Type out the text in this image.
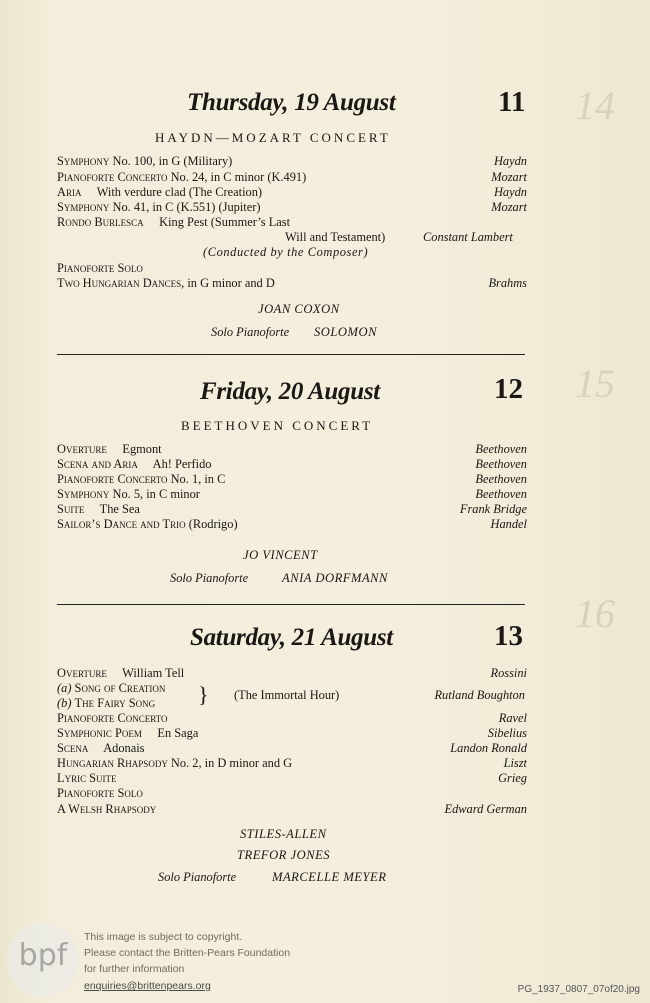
14
15
16
Thursday, 19 August	11
HAYDN—MOZART CONCERT
Symphony No. 100, in G (Military)	Haydn
Pianoforte Concerto No. 24, in C minor (K.491)	Mozart
Aria     With verdure clad (The Creation)	Haydn
Symphony No. 41, in C (K.551) (Jupiter)	Mozart
Rondo Burlesca     King Pest (Summer’s Last
Will and Testament)	Constant Lambert
(Conducted by the Composer)
Pianoforte Solo
Two Hungarian Dances, in G minor and D	Brahms
JOAN COXON
Solo Pianoforte SOLOMON
Friday, 20 August	12
BEETHOVEN CONCERT
Overture     Egmont	Beethoven
Scena and Aria     Ah! Perfido	Beethoven
Pianoforte Concerto No. 1, in C	Beethoven
Symphony No. 5, in C minor	Beethoven
Suite     The Sea	Frank Bridge
Sailor’s Dance and Trio (Rodrigo)	Handel
JO VINCENT
Solo Pianoforte	ANIA DORFMANN
Saturday, 21 August	13
Overture     William Tell	Rossini
(a) Song of Creation
(b) The Fairy Song } (The Immortal Hour)	Rutland Boughton
Pianoforte Concerto	Ravel
Symphonic Poem     En Saga	Sibelius
Scena     Adonais	Landon Ronald
Hungarian Rhapsody No. 2, in D minor and G	Liszt
Lyric Suite	Grieg
Pianoforte Solo
A Welsh Rhapsody	Edward German
STILES-ALLEN
TREFOR JONES
Solo Pianoforte	MARCELLE MEYER
bpf
This image is subject to copyright.
Please contact the Britten-Pears Foundation
for further information
enquiries@brittenpears.org	PG_1937_0807_07of20.jpg
